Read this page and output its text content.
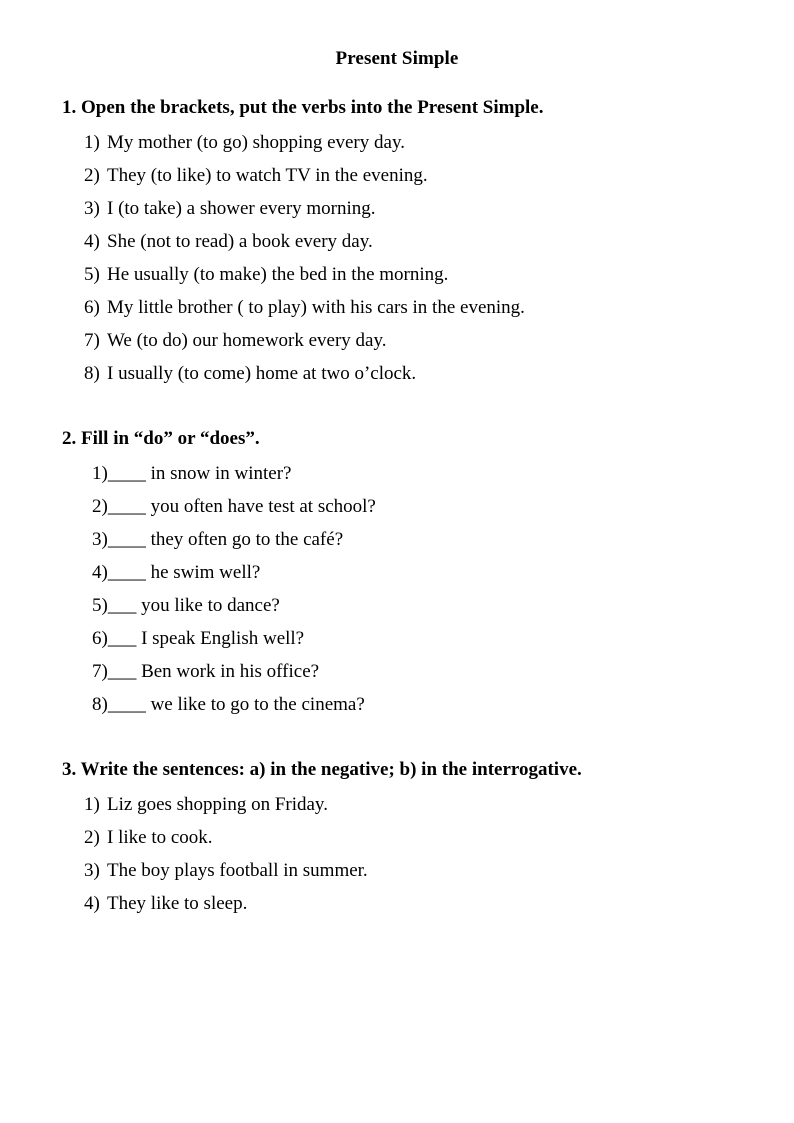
Present Simple
1. Open the brackets, put the verbs into the Present Simple.
1) My mother (to go) shopping every day.
2) They (to like) to watch TV in the evening.
3) I (to take) a shower every morning.
4) She (not to read) a book every day.
5) He usually (to make) the bed in the morning.
6) My little brother ( to play) with his cars in the evening.
7) We (to do) our homework every day.
8) I usually (to come) home at two o’clock.
2. Fill in “do” or “does”.
1)____ in snow in winter?
2)____ you often have test at school?
3)____ they often go to the café?
4)____ he swim well?
5)___ you like to dance?
6)___ I speak English well?
7)___ Ben work in his office?
8)____ we like to go to the cinema?
3. Write the sentences: a) in the negative; b) in the interrogative.
1) Liz goes shopping on Friday.
2) I like to cook.
3) The boy plays football in summer.
4) They like to sleep.
